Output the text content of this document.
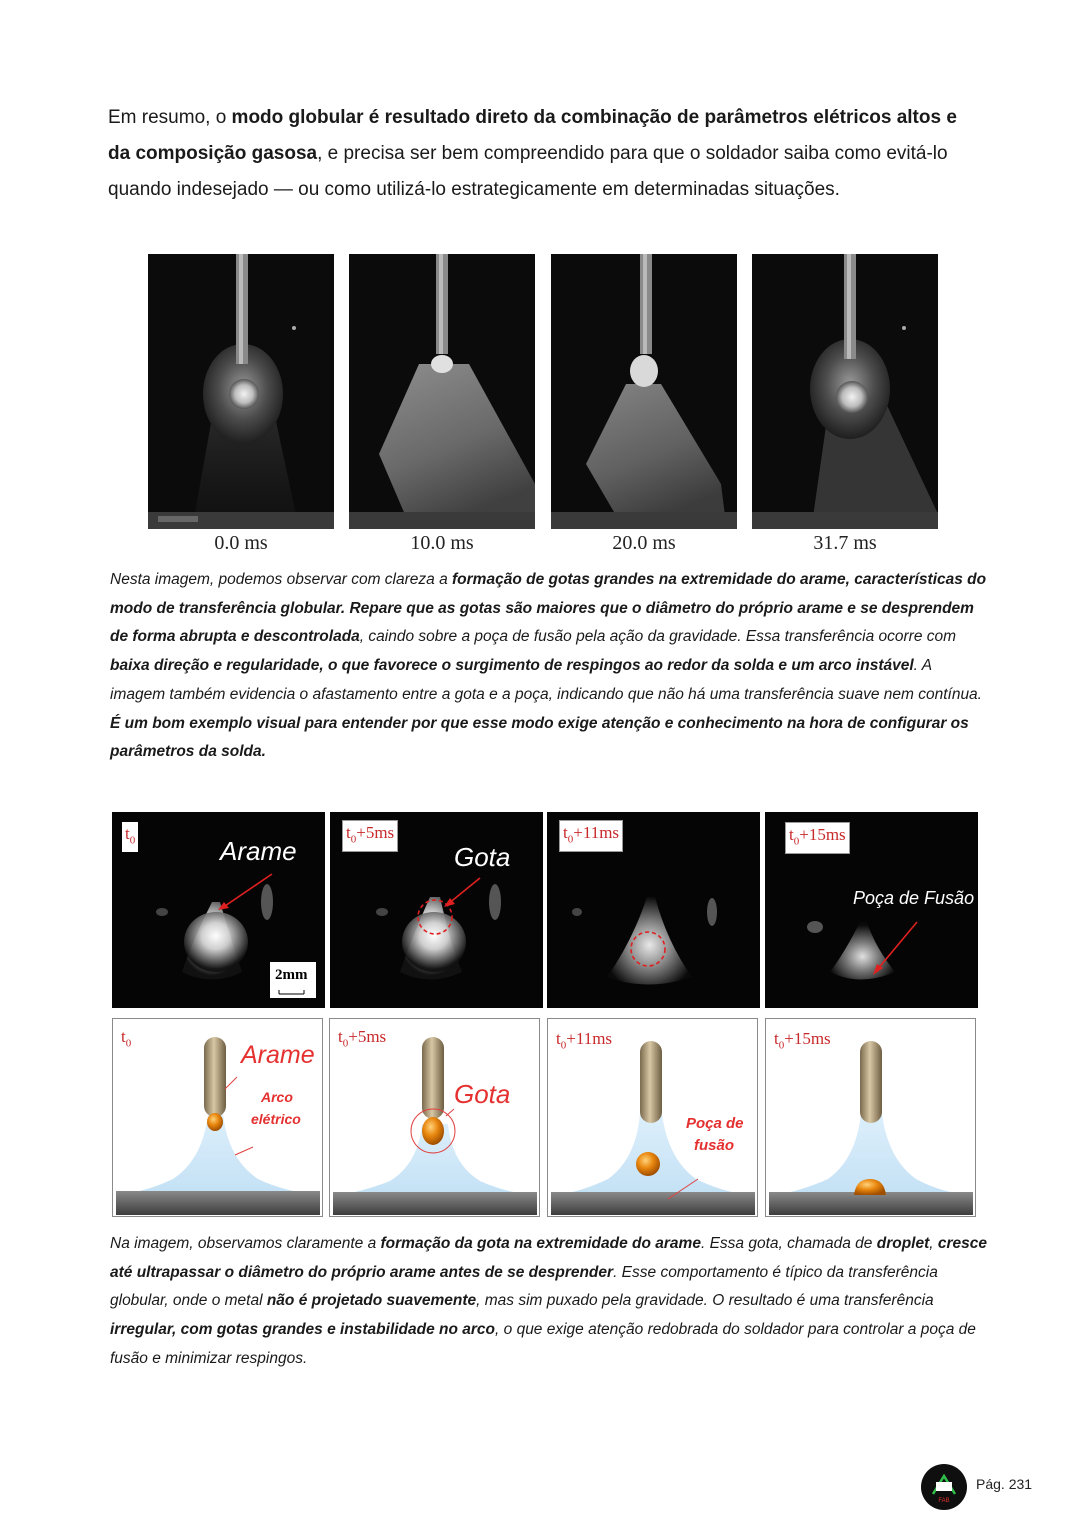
Em resumo, o modo globular é resultado direto da combinação de parâmetros elétricos altos e da composição gasosa, e precisa ser bem compreendido para que o soldador saiba como evitá-lo quando indesejado — ou como utilizá-lo estrategicamente em determinadas situações.

0.0 ms	10.0 ms	20.0 ms	31.7 ms

Nesta imagem, podemos observar com clareza a formação de gotas grandes na extremidade do arame, características do modo de transferência globular. Repare que as gotas são maiores que o diâmetro do próprio arame e se desprendem de forma abrupta e descontrolada, caindo sobre a poça de fusão pela ação da gravidade. Essa transferência ocorre com baixa direção e regularidade, o que favorece o surgimento de respingos ao redor da solda e um arco instável. A imagem também evidencia o afastamento entre a gota e a poça, indicando que não há uma transferência suave nem contínua. É um bom exemplo visual para entender por que esse modo exige atenção e conhecimento na hora de configurar os parâmetros da solda.

$t_0$	Arame
2mm
$t_0+5ms$
Gota
$t_0+11ms$	$t_0+15ms$
Poça de Fusão
$t_0$	Arame
Arco
elétrico
$t_0+5ms$
Gota
$t_0+11ms$
Poça de
fusão
$t_0+15ms$

Na imagem, observamos claramente a formação da gota na extremidade do arame. Essa gota, chamada de droplet, cresce até ultrapassar o diâmetro do próprio arame antes de se desprender. Esse comportamento é típico da transferência globular, onde o metal não é projetado suavemente, mas sim puxado pela gravidade. O resultado é uma transferência irregular, com gotas grandes e instabilidade no arco, o que exige atenção redobrada do soldador para controlar a poça de fusão e minimizar respingos.

FAB
Pág. 231
